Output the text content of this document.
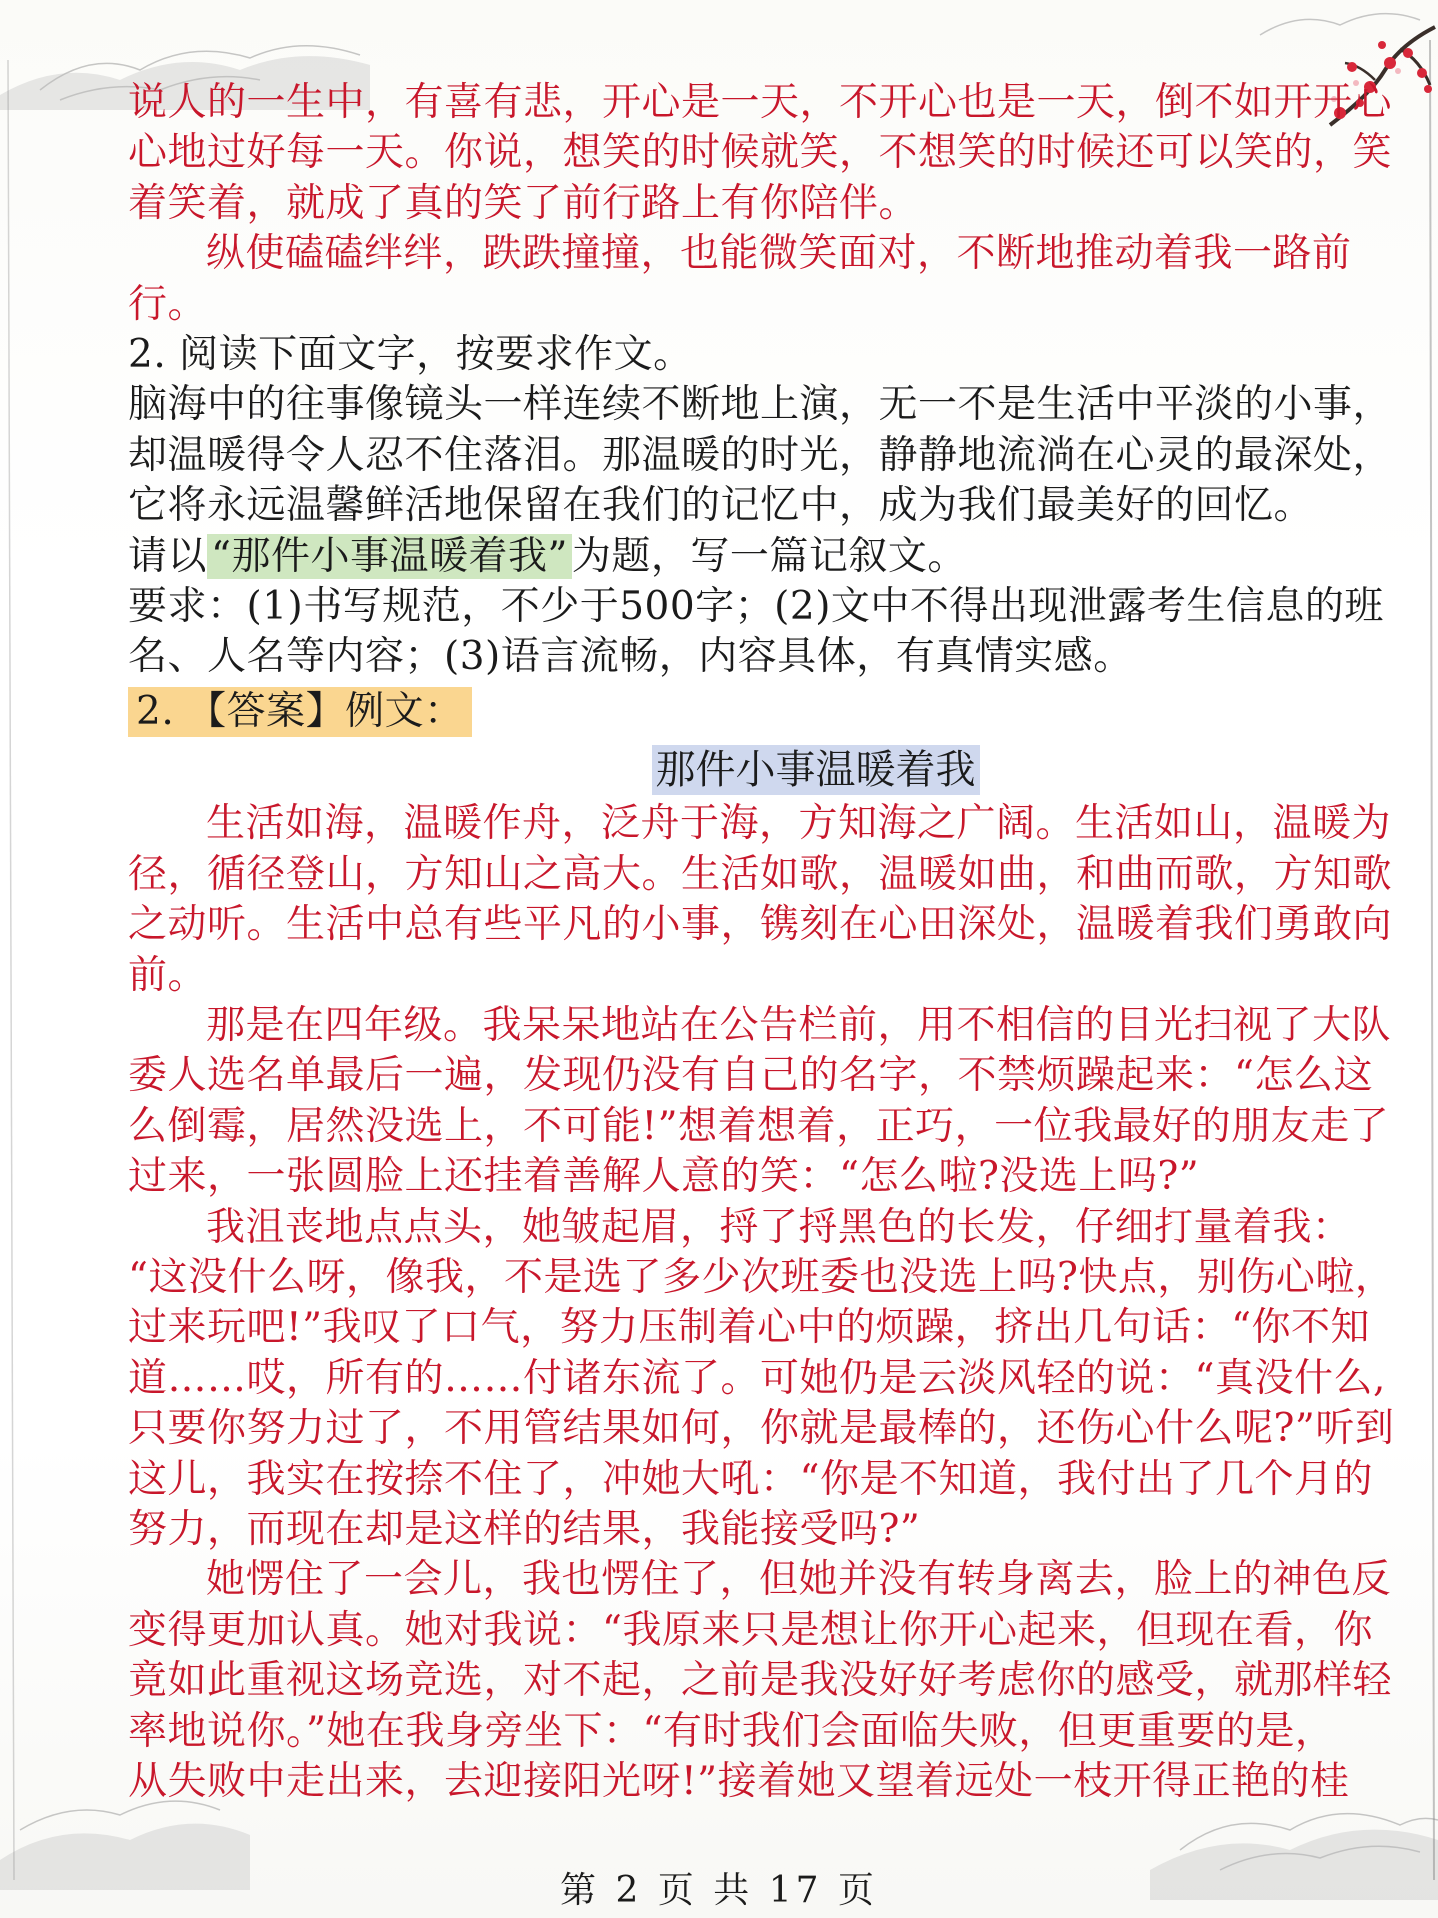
说人的一生中，有喜有悲，开心是一天，不开心也是一天，倒不如开开心
心地过好每一天。你说，想笑的时候就笑，不想笑的时候还可以笑的，笑
着笑着，就成了真的笑了前行路上有你陪伴。
纵使磕磕绊绊，跌跌撞撞，也能微笑面对，不断地推动着我一路前
行。
2. 阅读下面文字，按要求作文。
脑海中的往事像镜头一样连续不断地上演，无一不是生活中平淡的小事，
却温暖得令人忍不住落泪。那温暖的时光，静静地流淌在心灵的最深处，
它将永远温馨鲜活地保留在我们的记忆中，成为我们最美好的回忆。
请以 “那件小事温暖着我” 为题，写一篇记叙文。
要求：(1)书写规范，不少于500字；(2)文中不得出现泄露考生信息的班
名、人名等内容；(3)语言流畅，内容具体，有真情实感。
2. 【答案】例文：
那件小事温暖着我
生活如海，温暖作舟，泛舟于海，方知海之广阔。生活如山，温暖为
径，循径登山，方知山之高大。生活如歌，温暖如曲，和曲而歌，方知歌
之动听。生活中总有些平凡的小事，镌刻在心田深处，温暖着我们勇敢向
前。
那是在四年级。我呆呆地站在公告栏前，用不相信的目光扫视了大队
委人选名单最后一遍，发现仍没有自己的名字，不禁烦躁起来：“怎么这
么倒霉，居然没选上，不可能!”想着想着，正巧，一位我最好的朋友走了
过来，一张圆脸上还挂着善解人意的笑：“怎么啦?没选上吗?”
我沮丧地点点头，她皱起眉，捋了捋黑色的长发，仔细打量着我：
“这没什么呀，像我，不是选了多少次班委也没选上吗?快点，别伤心啦，
过来玩吧!”我叹了口气，努力压制着心中的烦躁，挤出几句话：“你不知
道……哎，所有的……付诸东流了。可她仍是云淡风轻的说：“真没什么,
只要你努力过了，不用管结果如何，你就是最棒的，还伤心什么呢?”听到
这儿，我实在按捺不住了，冲她大吼：“你是不知道，我付出了几个月的
努力，而现在却是这样的结果，我能接受吗?”
她愣住了一会儿，我也愣住了，但她并没有转身离去，脸上的神色反
变得更加认真。她对我说：“我原来只是想让你开心起来，但现在看，你
竟如此重视这场竞选，对不起，之前是我没好好考虑你的感受，就那样轻
率地说你。”她在我身旁坐下：“有时我们会面临失败，但更重要的是，
从失败中走出来，去迎接阳光呀!”接着她又望着远处一枝开得正艳的桂
第 2 页 共 17 页
